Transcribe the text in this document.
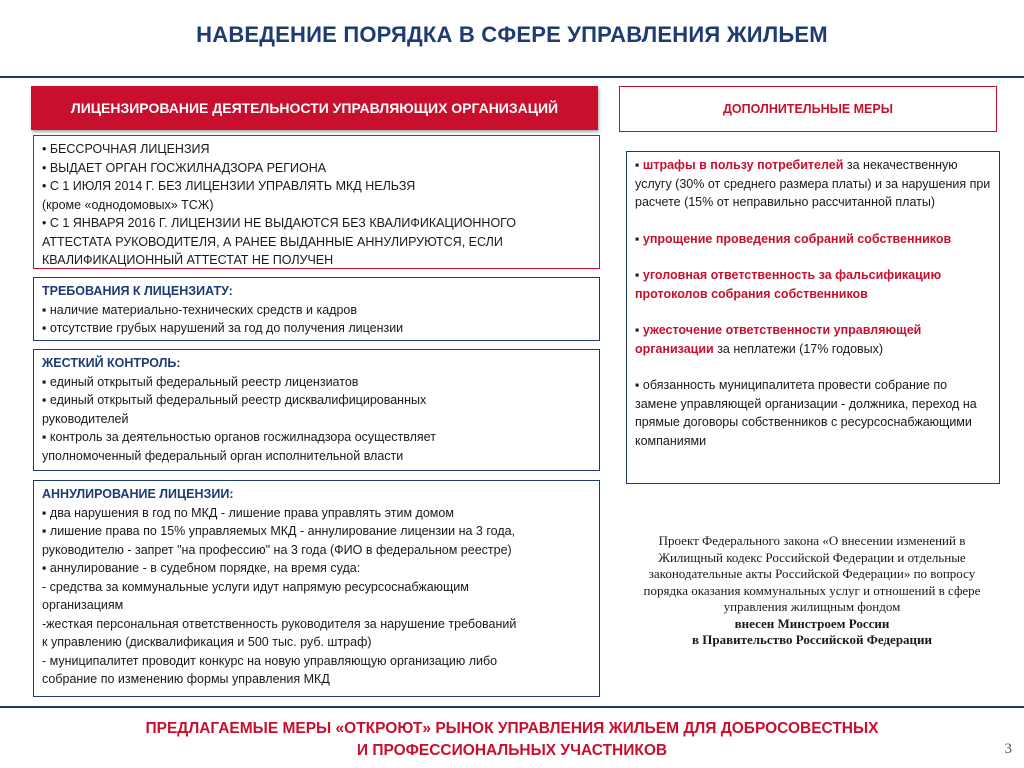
НАВЕДЕНИЕ ПОРЯДКА В СФЕРЕ УПРАВЛЕНИЯ ЖИЛЬЕМ
ЛИЦЕНЗИРОВАНИЕ ДЕЯТЕЛЬНОСТИ УПРАВЛЯЮЩИХ ОРГАНИЗАЦИЙ

• БЕССРОЧНАЯ ЛИЦЕНЗИЯ

• ВЫДАЕТ ОРГАН ГОСЖИЛНАДЗОРА РЕГИОНА

• С 1 ИЮЛЯ 2014 Г. БЕЗ ЛИЦЕНЗИИ УПРАВЛЯТЬ МКД НЕЛЬЗЯ

(кроме «однодомовых» ТСЖ)

• С 1 ЯНВАРЯ 2016 Г. ЛИЦЕНЗИИ НЕ ВЫДАЮТСЯ БЕЗ КВАЛИФИКАЦИОННОГО

АТТЕСТАТА РУКОВОДИТЕЛЯ, А РАНЕЕ ВЫДАННЫЕ АННУЛИРУЮТСЯ, ЕСЛИ

КВАЛИФИКАЦИОННЫЙ АТТЕСТАТ НЕ ПОЛУЧЕН

ТРЕБОВАНИЯ К ЛИЦЕНЗИАТУ:

▪ наличие материально-технических средств и кадров

▪ отсутствие грубых нарушений за год до получения лицензии

ЖЕСТКИЙ КОНТРОЛЬ:

▪ единый открытый федеральный реестр лицензиатов

▪ единый открытый федеральный реестр дисквалифицированных

руководителей

▪ контроль за деятельностью органов госжилнадзора осуществляет

уполномоченный федеральный орган исполнительной власти

АННУЛИРОВАНИЕ ЛИЦЕНЗИИ:

▪ два нарушения в год по МКД - лишение права управлять этим домом

▪ лишение права по 15% управляемых МКД - аннулирование лицензии на 3 года,

руководителю - запрет "на профессию" на 3 года (ФИО в федеральном реестре)

▪ аннулирование - в судебном порядке, на время суда:

- средства за коммунальные услуги идут напрямую ресурсоснабжающим

организациям

-жесткая персональная ответственность руководителя за нарушение требований

к управлению (дисквалификация и 500 тыс. руб. штраф)

- муниципалитет проводит конкурс на новую управляющую организацию либо

собрание по изменению формы управления МКД

ДОПОЛНИТЕЛЬНЫЕ МЕРЫ

▪ штрафы в пользу потребителей за некачественную услугу (30% от среднего размера платы) и за нарушения при расчете (15% от неправильно рассчитанной платы)

▪ упрощение проведения собраний собственников

▪ уголовная ответственность за фальсификацию протоколов собрания собственников

▪ ужесточение ответственности управляющей организации за неплатежи (17% годовых)

▪ обязанность муниципалитета провести собрание по замене управляющей организации - должника, переход на прямые договоры собственников с ресурсоснабжающими компаниями

Проект Федерального закона «О внесении изменений в Жилищный кодекс Российской Федерации и отдельные законодательные акты Российской Федерации» по вопросу порядка оказания коммунальных услуг и отношений в сфере управления жилищным фондом
внесен Минстроем России
в Правительство Российской Федерации
ПРЕДЛАГАЕМЫЕ МЕРЫ «ОТКРОЮТ» РЫНОК УПРАВЛЕНИЯ ЖИЛЬЕМ ДЛЯ ДОБРОСОВЕСТНЫХ
И ПРОФЕССИОНАЛЬНЫХ УЧАСТНИКОВ	3
